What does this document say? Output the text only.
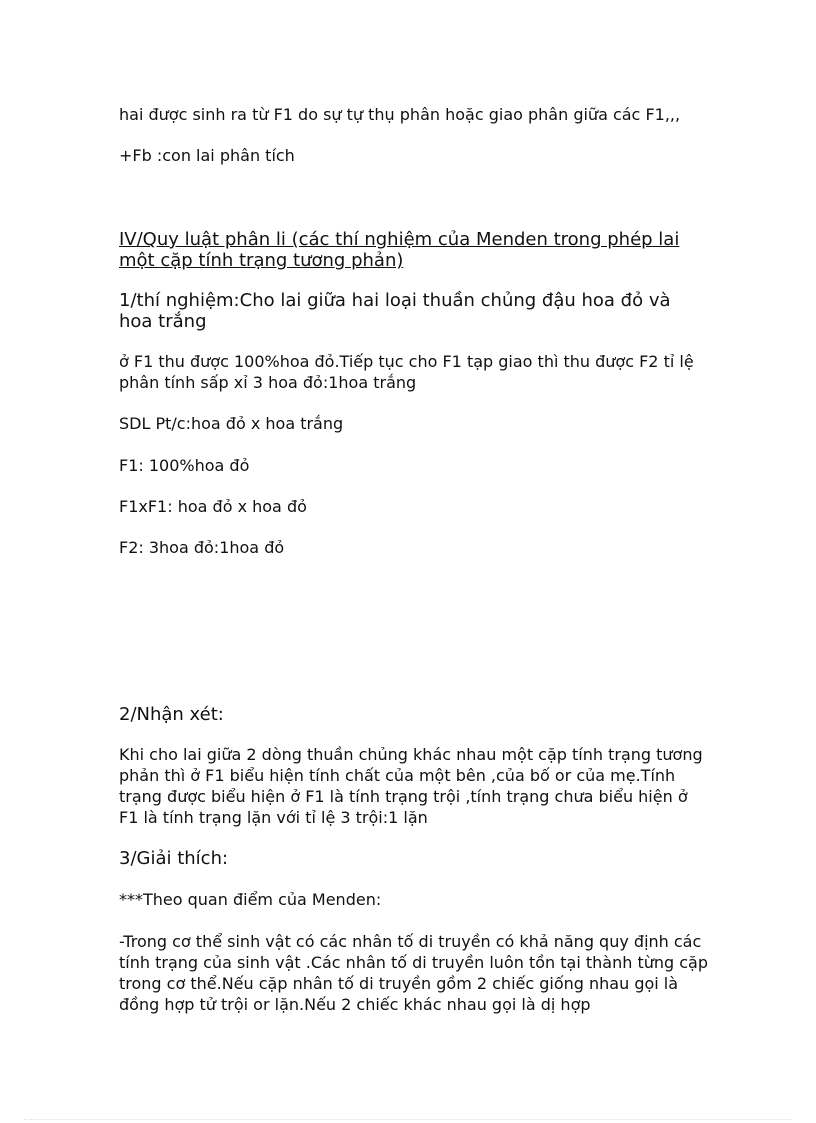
hai được sinh ra từ F1 do sự tự thụ phân hoặc giao phân giữa các F1,,,

+Fb :con lai phân tích

IV/Quy luật phân li (các thí nghiệm của Menden trong phép lai một cặp tính trạng tương phản)

1/thí nghiệm:Cho lai giữa hai loại thuần chủng đậu hoa đỏ và hoa trắng

ở F1 thu được 100%hoa đỏ.Tiếp tục cho F1 tạp giao thì thu được F2 tỉ lệ phân tính sấp xỉ 3 hoa đỏ:1hoa trắng

SDL Pt/c:hoa đỏ x hoa trắng

F1: 100%hoa đỏ

F1xF1: hoa đỏ x hoa đỏ

F2: 3hoa đỏ:1hoa đỏ

2/Nhận xét:

Khi cho lai giữa 2 dòng thuần chủng khác nhau một cặp tính trạng tương phản thì ở F1 biểu hiện tính chất của một bên ,của bố or của mẹ.Tính trạng được biểu hiện ở F1 là tính trạng trội ,tính trạng chưa biểu hiện ở F1 là tính trạng lặn với tỉ lệ 3 trội:1 lặn

3/Giải thích:

***Theo quan điểm của Menden:

-Trong cơ thể sinh vật có các nhân tố di truyền có khả năng quy định các tính trạng của sinh vật .Các nhân tố di truyền luôn tồn tại thành từng cặp trong cơ thể.Nếu cặp nhân tố di truyền gồm 2 chiếc giống nhau gọi là đồng hợp tử trội or lặn.Nếu 2 chiếc khác nhau gọi là dị hợp
